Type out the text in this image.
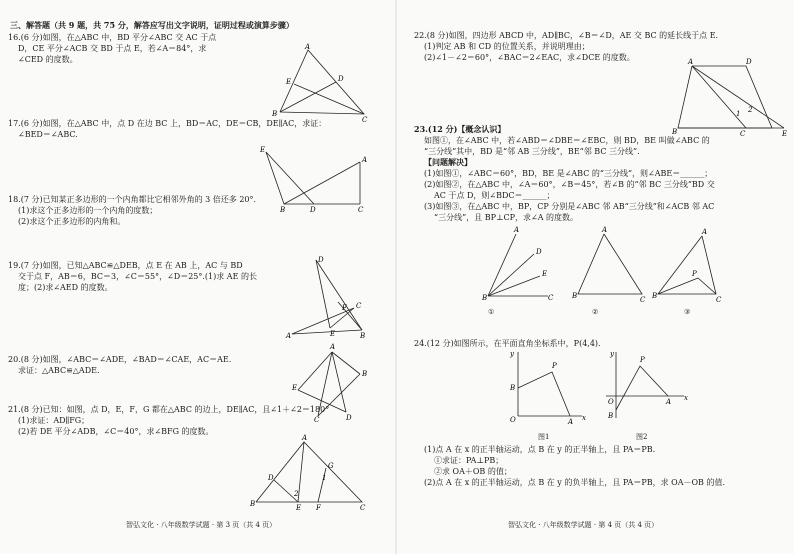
三、解答题（共 9 题，共 75 分，解答应写出文字说明，证明过程或演算步骤）
16.(6 分)如图，在△ABC 中，BD 平分∠ABC 交 AC 于点
D，CE 平分∠ACB 交 BD 于点 E，若∠A＝84°，求
∠CED 的度数。
A
B
C
D
E
17.(6 分)如图，在△ABC 中，点 D 在边 BC 上，BD＝AC，DE＝CB，DE∥AC，求证：
∠BED＝∠ABC.
E
B	D	C
A
18.(7 分)已知某正多边形的一个内角都比它相邻外角的 3 倍还多 20°.
(1)求这个正多边形的一个内角的度数；
(2)求这个正多边形的内角和。
19.(7 分)如图，已知△ABC≌△DEB，点 E 在 AB 上，AC 与 BD
交于点 F，AB＝6，BC＝3，∠C＝55°，∠D＝25°.(1)求 AE 的长
度；(2)求∠AED 的度数。
D
A	B
C
F
E
20.(8 分)如图，∠ABC＝∠ADE，∠BAD＝∠CAE，AC＝AE.
求证：△ABC≌△ADE.
A
E
B
C	D
21.(8 分)已知：如图，点 D，E，F，G 都在△ABC 的边上，DE∥AC，且∠1＋∠2＝180°
(1)求证：AD∥FG；
(2)若 DE 平分∠ADB，∠C＝40°，求∠BFG 的度数。
A
B	C
D
E F
G
2
1
智弘文化 · 八年级数学试题 · 第 3 页（共 4 页）
22.(8 分)如图，四边形 ABCD 中，AD∥BC，∠B＝∠D，AE 交 BC 的延长线于点 E.
(1)判定 AB 和 CD 的位置关系，并说明理由；
(2)∠1－∠2＝60°，∠BAC＝2∠EAC，求∠DCE 的度数。	A	D
B	C	E
1 2
23.(12 分)【概念认识】
如图①，在∠ABC 中，若∠ABD＝∠DBE＝∠EBC，则 BD，BE 叫做∠ABC 的
“三分线”其中，BD 是“邻 AB 三分线”，BE“邻 BC 三分线”.
【问题解决】
(1)如图①，∠ABC＝60°，BD，BE 是∠ABC 的“三分线”，则∠ABE＝______；
(2)如图②，在△ABC 中，∠A＝60°，∠B＝45°，若∠B 的“邻 BC 三分线”BD 交
AC 于点 D，则∠BDC＝______；
(3)如图③，在△ABC 中，BP，CP 分别是∠ABC 邻 AB“三分线”和∠ACB 邻 AC
“三分线”，且 BP⊥CP，求∠A 的度数。
A
D
E
B	C
A
B	C
A
B	C
P
①	②	③
24.(12 分)如图所示，在平面直角坐标系中，P(4,4).
y
x
O
B
P
A
y
x
O
P
A
B
图1	图2
(1)点 A 在 x 的正半轴运动，点 B 在 y 的正半轴上，且 PA＝PB.
①求证：PA⊥PB；
②求 OA＋OB 的值；
(2)点 A 在 x 的正半轴运动，点 B 在 y 的负半轴上，且 PA＝PB，求 OA－OB 的值.
智弘文化 · 八年级数学试题 · 第 4 页（共 4 页）
